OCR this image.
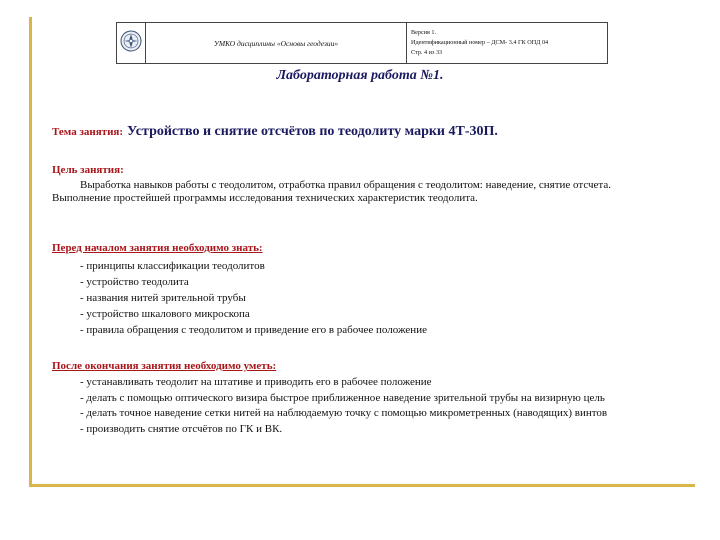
	УМКО дисциплины «Основы геодезии»	
Версия 1.
Идентификационный номер – ДСМ- 3.4 ГК ОПД 04
Стр. 4 из 33
Лабораторная работа №1.
Тема занятия: Устройство и снятие отсчётов по теодолиту марки 4Т-30П.
Цель занятия:
Выработка навыков работы с теодолитом, отработка правил обращения с теодолитом: наведение, снятие отсчета. Выполнение простейшей программы исследования технических характеристик теодолита.
Перед началом занятия необходимо знать:
- принципы классификации теодолитов
- устройство теодолита
- названия нитей зрительной трубы
- устройство шкалового микроскопа
- правила обращения с теодолитом и приведение его в рабочее положение
После окончания занятия необходимо уметь:
- устанавливать теодолит на штативе и приводить его в рабочее положение
- делать с помощью оптического визира быстрое приближенное наведение зрительной трубы на визирную цель
- делать точное наведение сетки нитей на наблюдаемую точку с помощью микрометренных (наводящих) винтов
- производить снятие отсчётов по ГК и ВК.
